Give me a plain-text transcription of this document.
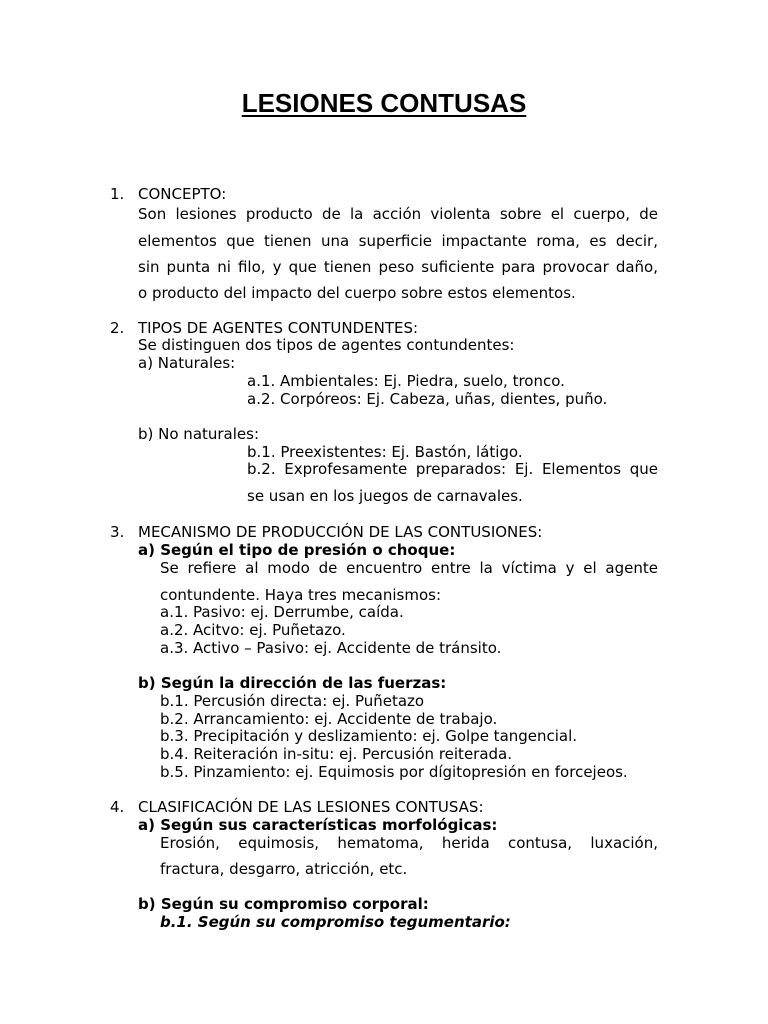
LESIONES CONTUSAS
1. CONCEPTO:
Son lesiones producto de la acción violenta sobre el cuerpo, de
elementos que tienen una superficie impactante roma, es decir,
sin punta ni filo, y que tienen peso suficiente para provocar daño,
o producto del impacto del cuerpo sobre estos elementos.
2. TIPOS DE AGENTES CONTUNDENTES:
Se distinguen dos tipos de agentes contundentes:
a) Naturales:
a.1. Ambientales: Ej. Piedra, suelo, tronco.
a.2. Corpóreos: Ej. Cabeza, uñas, dientes, puño.
b) No naturales:
b.1. Preexistentes: Ej. Bastón, látigo.
b.2. Exprofesamente preparados: Ej. Elementos que
se usan en los juegos de carnavales.
3. MECANISMO DE PRODUCCIÓN DE LAS CONTUSIONES:
a) Según el tipo de presión o choque:
Se refiere al modo de encuentro entre la víctima y el agente
contundente. Haya tres mecanismos:
a.1. Pasivo: ej. Derrumbe, caída.
a.2. Acitvo: ej. Puñetazo.
a.3. Activo – Pasivo: ej. Accidente de tránsito.
b) Según la dirección de las fuerzas:
b.1. Percusión directa: ej. Puñetazo
b.2. Arrancamiento: ej. Accidente de trabajo.
b.3. Precipitación y deslizamiento: ej. Golpe tangencial.
b.4. Reiteración in-situ: ej. Percusión reiterada.
b.5. Pinzamiento: ej. Equimosis por dígitopresión en forcejeos.
4. CLASIFICACIÓN DE LAS LESIONES CONTUSAS:
a) Según sus características morfológicas:
Erosión, equimosis, hematoma, herida contusa, luxación,
fractura, desgarro, atricción, etc.
b) Según su compromiso corporal:
b.1. Según su compromiso tegumentario:
